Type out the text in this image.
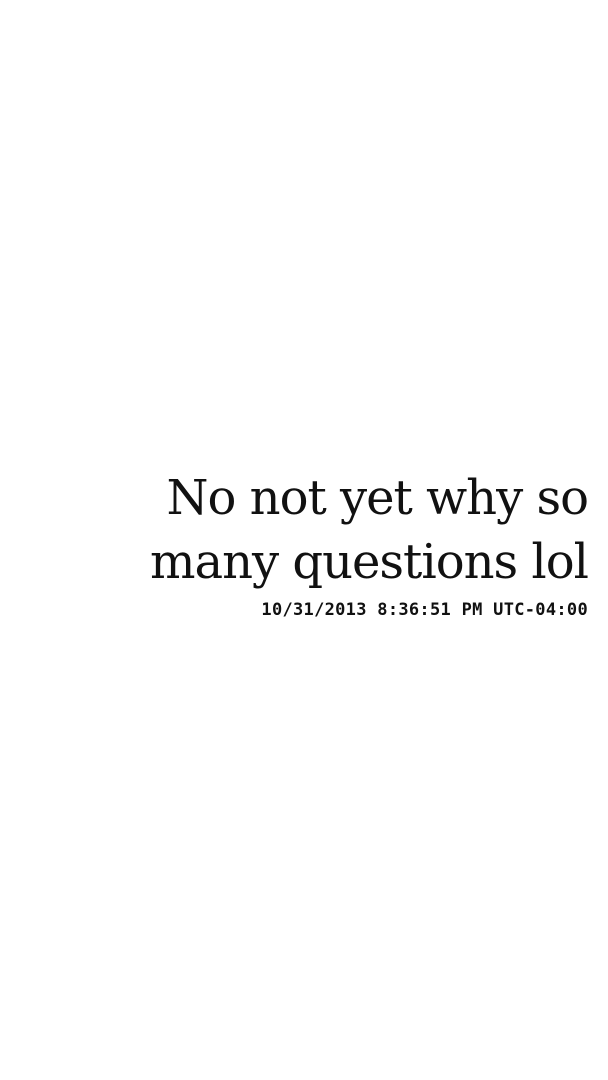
No not yet why so many questions lol

10/31/2013 8:36:51 PM UTC-04:00
